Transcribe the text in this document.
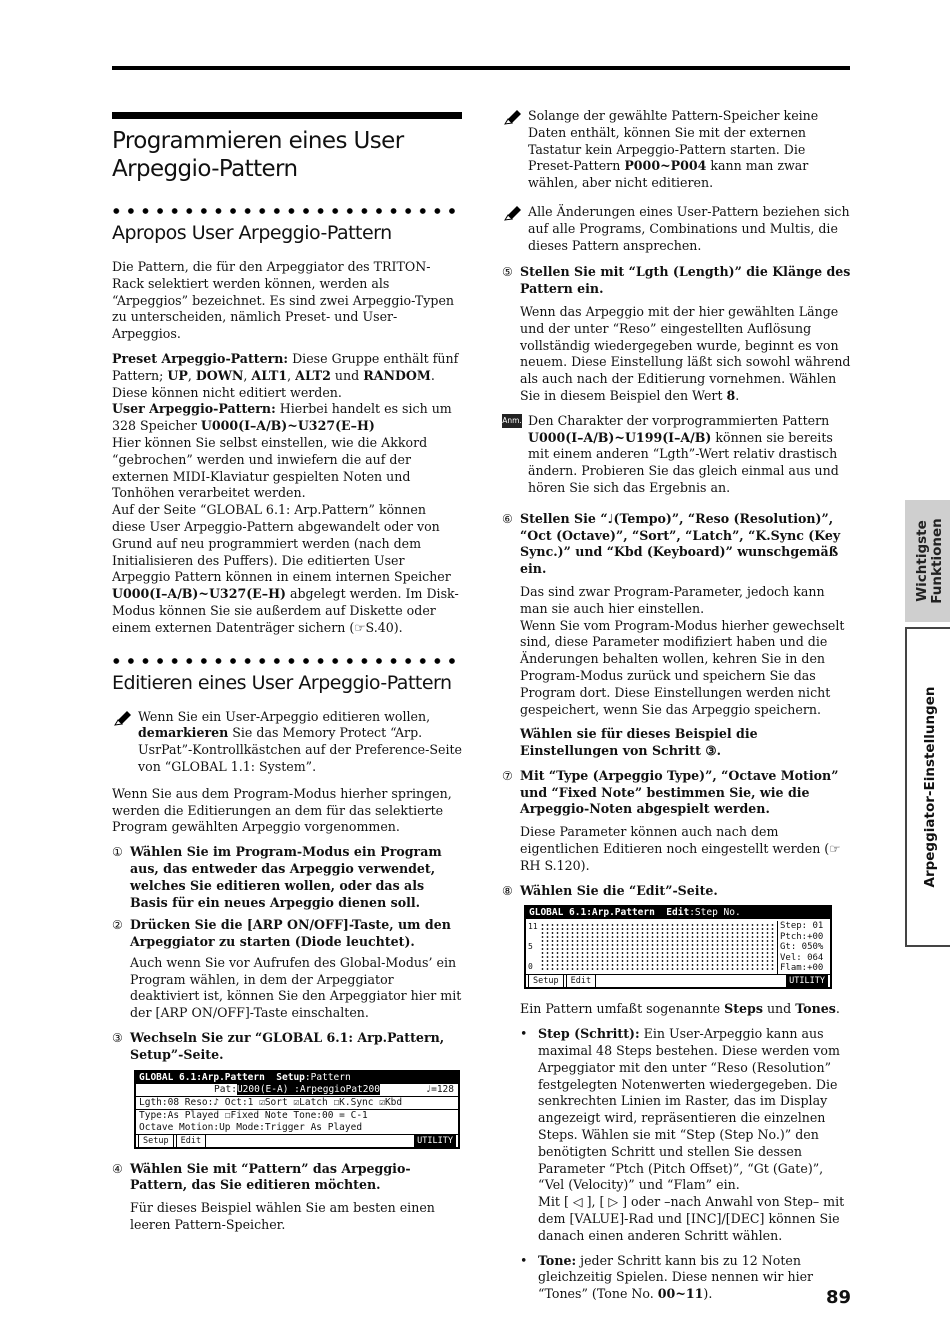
Programmieren eines User Arpeggio-Pattern
Apropos User Arpeggio-Pattern

Die Pattern, die für den Arpeggiator des TRITON-Rack selektiert werden können, werden als “Arpeggios” bezeichnet. Es sind zwei Arpeggio-Typen zu unterscheiden, nämlich Preset- und User-Arpeggios.

Preset Arpeggio-Pattern: Diese Gruppe enthält fünf Pattern; UP, DOWN, ALT1, ALT2 und RANDOM.
Diese können nicht editiert werden.

User Arpeggio-Pattern: Hierbei handelt es sich um 328 Speicher U000(I–A/B)~U327(E–H)

Hier können Sie selbst einstellen, wie die Akkord “gebrochen” werden und inwiefern die auf der externen MIDI-Klaviatur gespielten Noten und Tonhöhen verarbeitet werden.

Auf der Seite “GLOBAL 6.1: Arp.Pattern” können diese User Arpeggio-Pattern abgewandelt oder von Grund auf neu programmiert werden (nach dem Initialisieren des Puffers). Die editierten User Arpeggio Pattern können in einem internen Speicher U000(I–A/B)~U327(E–H) abgelegt werden. Im Disk-Modus können Sie sie außerdem auf Diskette oder einem externen Datenträger sichern (☞S.40).

Editieren eines User Arpeggio-Pattern
Wenn Sie ein User-Arpeggio editieren wollen, demarkieren Sie das Memory Protect “Arp. UsrPat”-Kontrollkästchen auf der Preference-Seite von “GLOBAL 1.1: System”.

Wenn Sie aus dem Program-Modus hierher springen, werden die Editierungen an dem für das selektierte Program gewählten Arpeggio vorgenommen.

① Wählen Sie im Program-Modus ein Program aus, das entweder das Arpeggio verwendet, welches Sie editieren wollen, oder das als Basis für ein neues Arpeggio dienen soll.
② Drücken Sie die [ARP ON/OFF]-Taste, um den Arpeggiator zu starten (Diode leuchtet).

Auch wenn Sie vor Aufrufen des Global-Modus’ ein Program wählen, in dem der Arpeggiator deaktiviert ist, können Sie den Arpeggiator hier mit der [ARP ON/OFF]-Taste einschalten.

③ Wechseln Sie zur “GLOBAL 6.1: Arp.Pattern, Setup”-Seite.
GLOBAL 6.1:Arp.Pattern Setup:Pattern
Pat:U200(E-A) :ArpeggioPat200	♩=128
Lgth:08 Reso:♪ Oct:1 ☑Sort ☑Latch ☐K.Sync ☑Kbd
Type:As Played ☐Fixed Note Tone:00 = C-1
Octave Motion:Up Mode:Trigger As Played
Setup Edit	UTILITY
④ Wählen Sie mit “Pattern” das Arpeggio-Pattern, das Sie editieren möchten.

Für dieses Beispiel wählen Sie am besten einen leeren Pattern-Speicher.

Solange der gewählte Pattern-Speicher keine Daten enthält, können Sie mit der externen Tastatur kein Arpeggio-Pattern starten. Die Preset-Pattern P000~P004 kann man zwar wählen, aber nicht editieren.
Alle Änderungen eines User-Pattern beziehen sich auf alle Programs, Combinations und Multis, die dieses Pattern ansprechen.
⑤ Stellen Sie mit “Lgth (Length)” die Klänge des Pattern ein.

Wenn das Arpeggio mit der hier gewählten Länge und der unter “Reso” eingestellten Auflösung vollständig wiedergegeben wurde, beginnt es von neuem. Diese Einstellung läßt sich sowohl während als auch nach der Editierung vornehmen. Wählen Sie in diesem Beispiel den Wert 8.

Anm. Den Charakter der vorprogrammierten Pattern U000(I–A/B)~U199(I–A/B) können sie bereits mit einem anderen “Lgth”-Wert relativ drastisch ändern. Probieren Sie das gleich einmal aus und hören Sie sich das Ergebnis an.
⑥ Stellen Sie “♩(Tempo)”, “Reso (Resolution)”, “Oct (Octave)”, “Sort”, “Latch”, “K.Sync (Key Sync.)” und “Kbd (Keyboard)” wunschgemäß ein.

Das sind zwar Program-Parameter, jedoch kann man sie auch hier einstellen.

Wenn Sie vom Program-Modus hierher gewechselt sind, diese Parameter modifiziert haben und die Änderungen behalten wollen, kehren Sie in den Program-Modus zurück und speichern Sie das Program dort. Diese Einstellungen werden nicht gespeichert, wenn Sie das Arpeggio speichern.

Wählen sie für dieses Beispiel die Einstellungen von Schritt ③.

⑦ Mit “Type (Arpeggio Type)”, “Octave Motion” und “Fixed Note” bestimmen Sie, wie die Arpeggio-Noten abgespielt werden.

Diese Parameter können auch nach dem eigentlichen Editieren noch eingestellt werden (☞RH S.120).

⑧ Wählen Sie die “Edit”-Seite.
GLOBAL 6.1:Arp.Pattern Edit:Step No.
11
5
0
Step: 01
Ptch:+00
Gt: 050%
Vel: 064
Flam:+00
Setup Edit	UTILITY

Ein Pattern umfaßt sogenannte Steps und Tones.

• Step (Schritt): Ein User-Arpeggio kann aus maximal 48 Steps bestehen. Diese werden vom Arpeggiator mit den unter “Reso (Resolution” festgelegten Notenwerten wiedergegeben. Die senkrechten Linien im Raster, das im Display angezeigt wird, repräsentieren die einzelnen Steps. Wählen sie mit “Step (Step No.)” den benötigten Schritt und stellen Sie dessen Parameter “Ptch (Pitch Offset)”, “Gt (Gate)”, “Vel (Velocity)” und “Flam” ein.
Mit [ ◁ ], [ ▷ ] oder –nach Anwahl von Step– mit dem [VALUE]-Rad und [INC]/[DEC] können Sie danach einen anderen Schritt wählen.
• Tone: jeder Schritt kann bis zu 12 Noten gleichzeitig Spielen. Diese nennen wir hier “Tones” (Tone No. 00~11).
Wichtigste Funktionen
Arpeggiator-Einstellungen
89
